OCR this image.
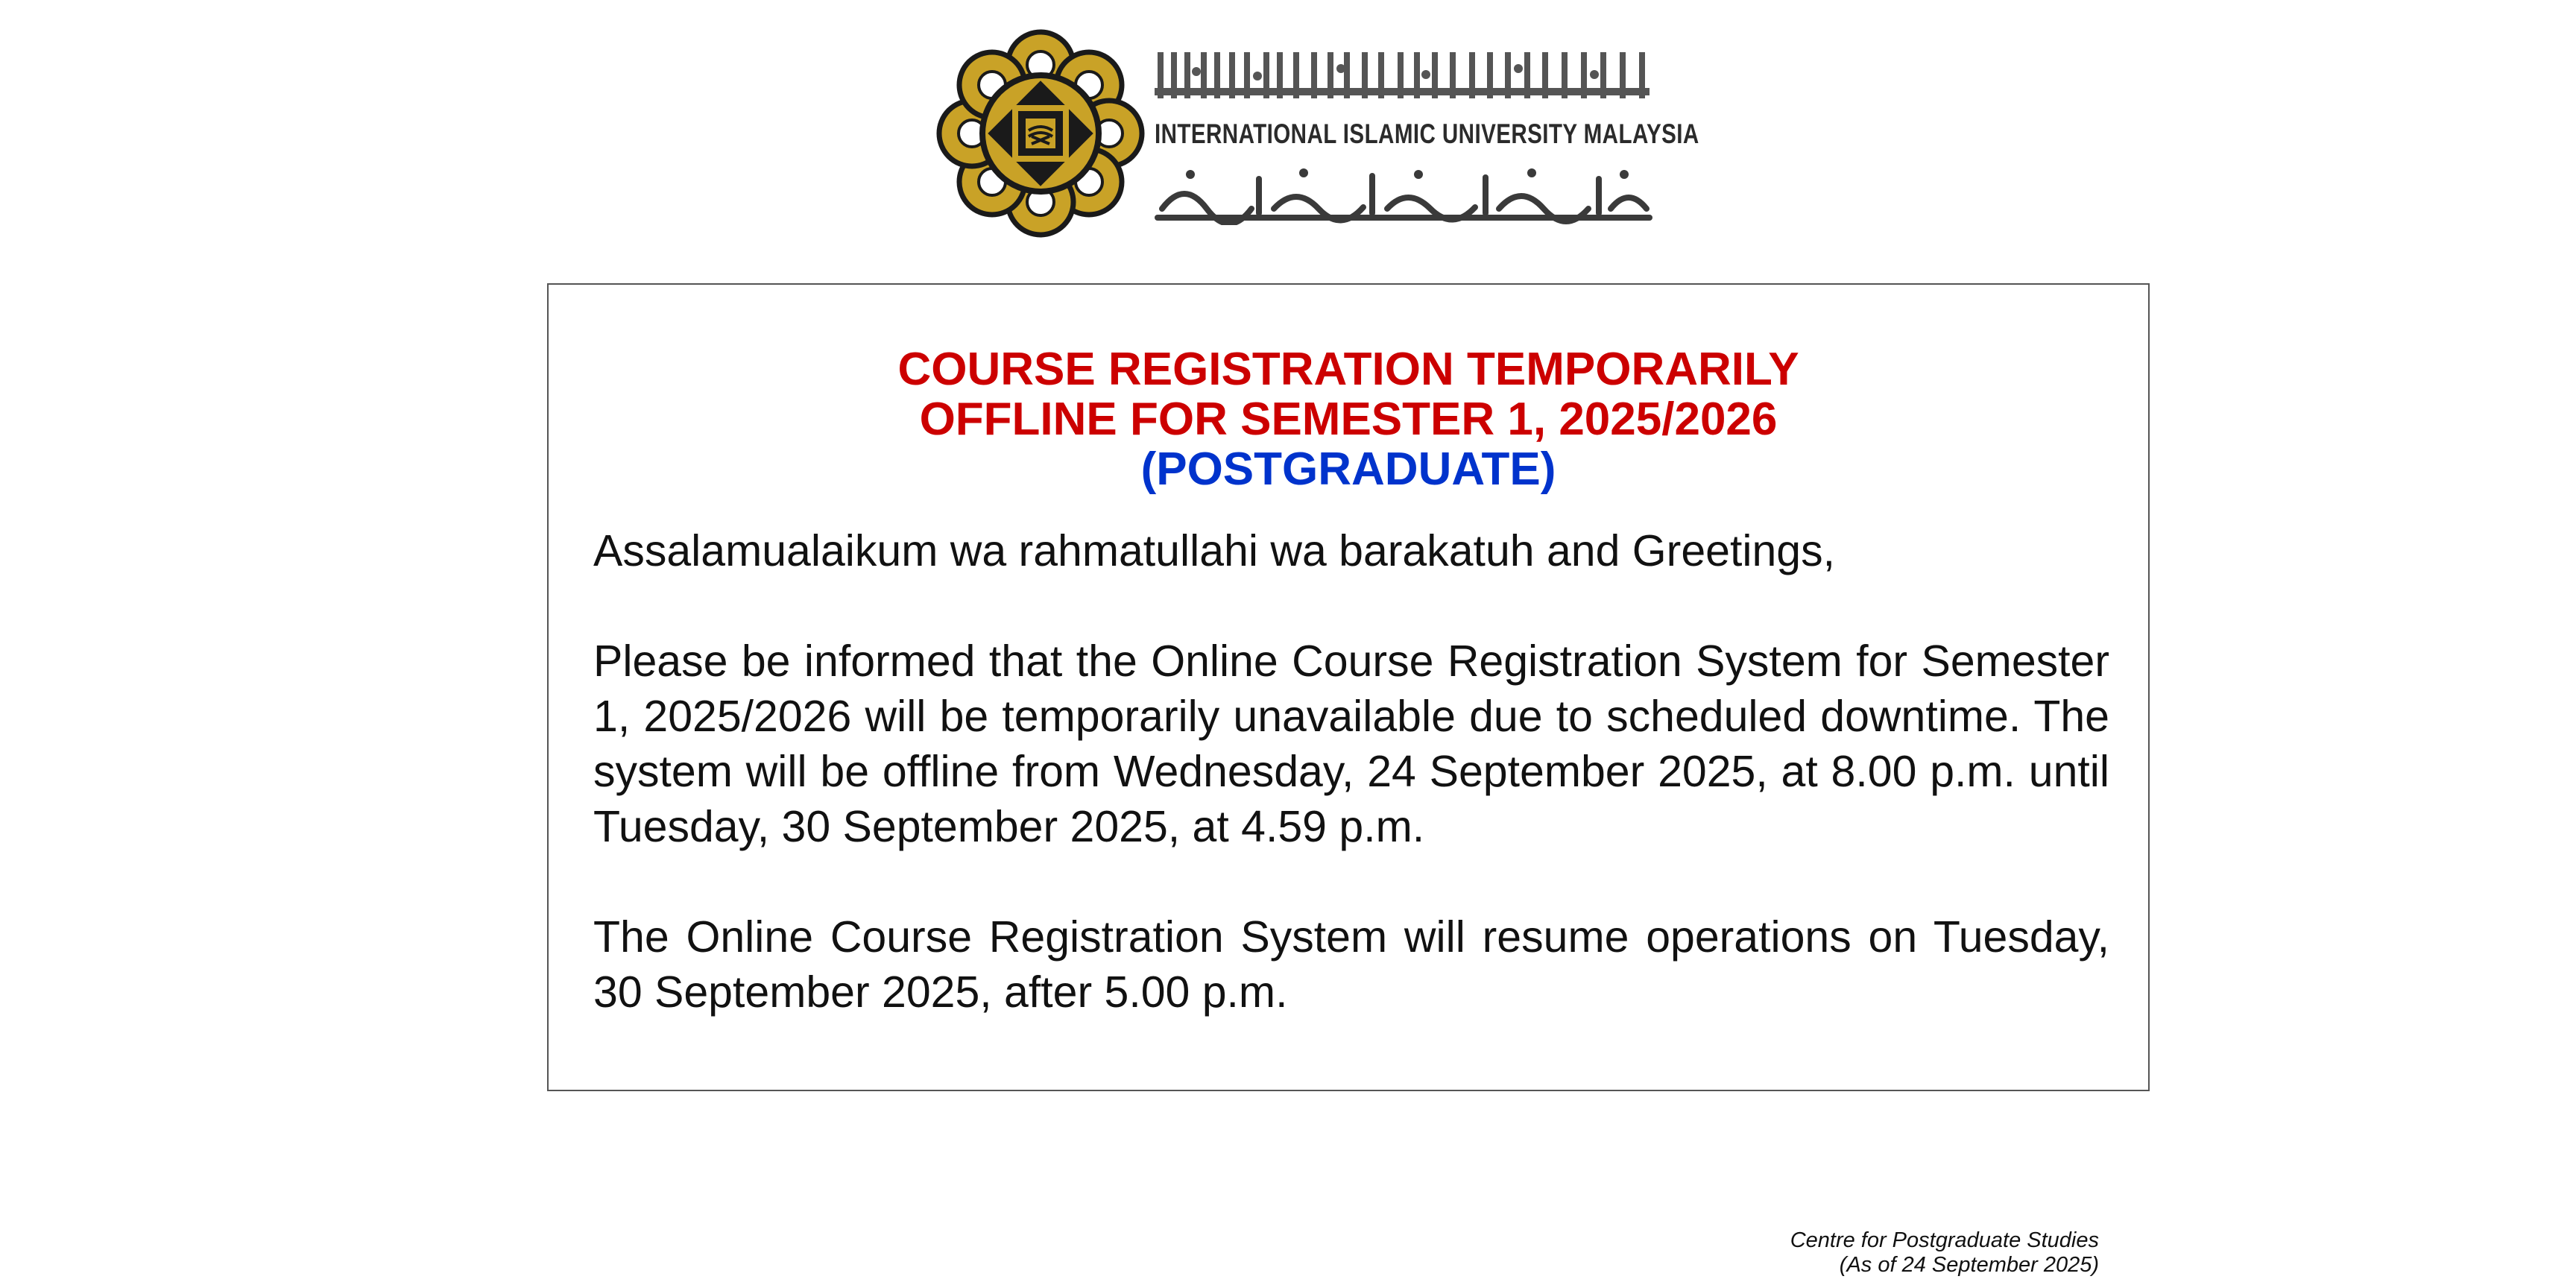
INTERNATIONAL ISLAMIC UNIVERSITY MALAYSIA
COURSE REGISTRATION TEMPORARILY
OFFLINE FOR SEMESTER 1, 2025/2026
(POSTGRADUATE)

Assalamualaikum wa rahmatullahi wa barakatuh and Greetings,

Please be informed that the Online Course Registration System for Semester 1, 2025/2026 will be temporarily unavailable due to scheduled downtime. The system will be offline from Wednesday, 24 September 2025, at 8.00 p.m. until Tuesday, 30 September 2025, at 4.59 p.m.

The Online Course Registration System will resume operations on Tuesday, 30 September 2025, after 5.00 p.m.

Centre for Postgraduate Studies
(As of 24 September 2025)
